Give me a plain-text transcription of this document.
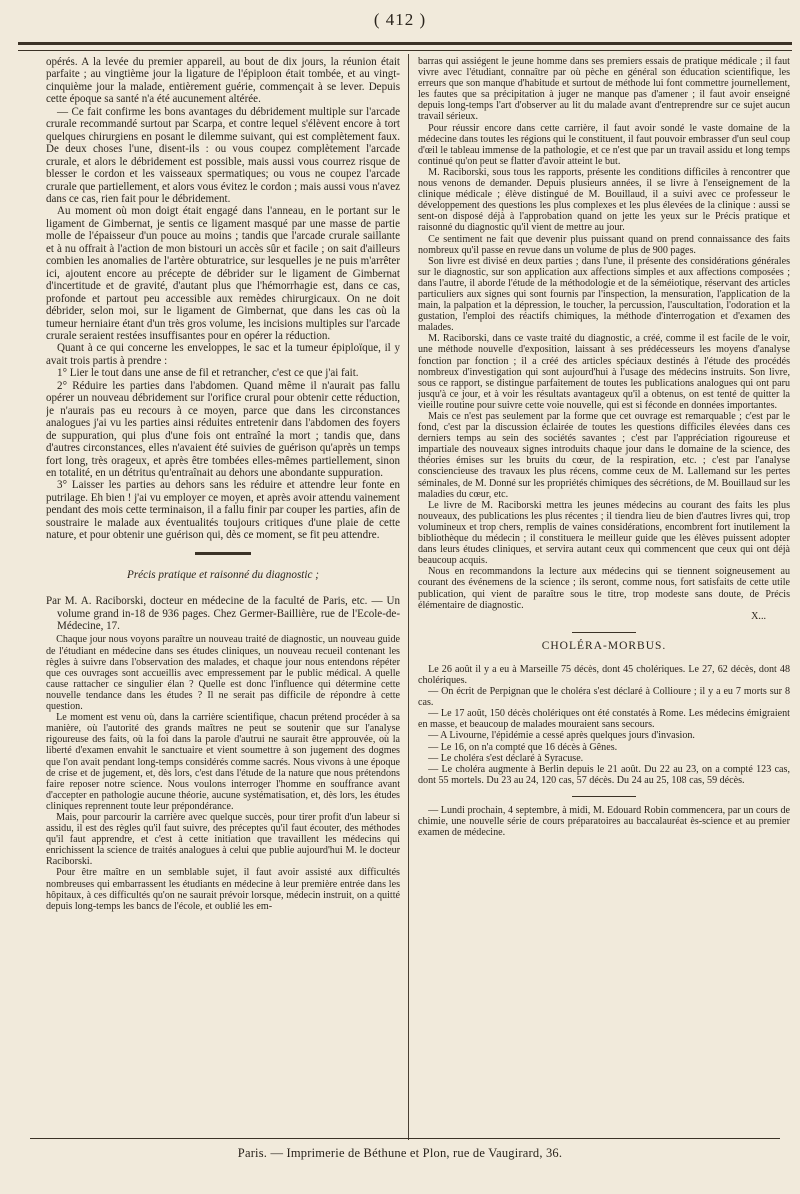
( 412 )

opérés. A la levée du premier appareil, au bout de dix jours, la réunion était parfaite ; au vingtième jour la ligature de l'épiploon était tombée, et au vingt-cinquième jour la malade, entièrement guérie, commençait à se lever. Depuis cette époque sa santé n'a été aucunement altérée.

— Ce fait confirme les bons avantages du débridement multiple sur l'arcade crurale recommandé surtout par Scarpa, et contre lequel s'élèvent encore à tort quelques chirurgiens en posant le dilemme suivant, qui est complètement faux. De deux choses l'une, disent-ils : ou vous coupez complètement l'arcade crurale, et alors le débridement est possible, mais aussi vous courrez risque de blesser le cordon et les vaisseaux spermatiques; ou vous ne coupez l'arcade crurale que partiellement, et alors vous évitez le cordon ; mais aussi vous n'avez dans ce cas, rien fait pour le débridement.

Au moment où mon doigt était engagé dans l'anneau, en le portant sur le ligament de Gimbernat, je sentis ce ligament masqué par une masse de partie molle de l'épaisseur d'un pouce au moins ; tandis que l'arcade crurale saillante et à nu offrait à l'action de mon bistouri un accès sûr et facile ; on sait d'ailleurs combien les anomalies de l'artère obturatrice, sur lesquelles je ne puis m'arrêter ici, ajoutent encore au précepte de débrider sur le ligament de Gimbernat d'incertitude et de gravité, d'autant plus que l'hémorrhagie est, dans ce cas, profonde et partout peu accessible aux remèdes chirurgicaux. On ne doit débrider, selon moi, sur le ligament de Gimbernat, que dans les cas où la tumeur herniaire étant d'un très gros volume, les incisions multiples sur l'arcade crurale seraient restées insuffisantes pour en opérer la réduction.

Quant à ce qui concerne les enveloppes, le sac et la tumeur épiploïque, il y avait trois partis à prendre :

1° Lier le tout dans une anse de fil et retrancher, c'est ce que j'ai fait.

2° Réduire les parties dans l'abdomen. Quand même il n'aurait pas fallu opérer un nouveau débridement sur l'orifice crural pour obtenir cette réduction, je n'aurais pas eu recours à ce moyen, parce que dans les circonstances analogues j'ai vu les parties ainsi réduites entretenir dans l'abdomen des foyers de suppuration, qui plus d'une fois ont entraîné la mort ; tandis que, dans d'autres circonstances, elles n'avaient été suivies de guérison qu'après un temps fort long, très orageux, et après être tombées elles-mêmes partiellement, sinon en totalité, en un détritus qu'entraînait au dehors une abondante suppuration.

3° Laisser les parties au dehors sans les réduire et attendre leur fonte en putrilage. Eh bien ! j'ai vu employer ce moyen, et après avoir attendu vainement pendant des mois cette terminaison, il a fallu finir par couper les parties, afin de soustraire le malade aux éventualités toujours critiques d'une plaie de cette nature, et pour obtenir une guérison qui, dès ce moment, se fit peu attendre.

Précis pratique et raisonné du diagnostic ;

Par M. A. Raciborski, docteur en médecine de la faculté de Paris, etc. — Un volume grand in-18 de 936 pages. Chez Germer-Baillière, rue de l'Ecole-de-Médecine, 17.

Chaque jour nous voyons paraître un nouveau traité de diagnostic, un nouveau guide de l'étudiant en médecine dans ses études cliniques, un nouveau recueil contenant les règles à suivre dans l'observation des malades, et chaque jour nous entendons répéter que ces ouvrages sont accueillis avec empressement par le public médical. A quelle cause rattacher ce singulier élan ? Quelle est donc l'influence qui détermine cette nouvelle tendance dans les études ? Il ne serait pas difficile de répondre à cette question.

Le moment est venu où, dans la carrière scientifique, chacun prétend procéder à sa manière, où l'autorité des grands maîtres ne peut se soutenir que sur l'analyse rigoureuse des faits, où la foi dans la parole d'autrui ne saurait être approuvée, où la liberté d'examen envahit le sanctuaire et vient soumettre à son jugement des dogmes que l'on avait pendant long-temps considérés comme sacrés. Nous vivons à une époque de crise et de jugement, et, dès lors, c'est dans l'étude de la nature que nous prétendons faire reposer notre science. Nous voulons interroger l'homme en souffrance avant d'accepter en pathologie aucune théorie, aucune systématisation, et, dès lors, les études cliniques reprennent toute leur prépondérance.

Mais, pour parcourir la carrière avec quelque succès, pour tirer profit d'un labeur si assidu, il est des règles qu'il faut suivre, des préceptes qu'il faut écouter, des méthodes qu'il faut apprendre, et c'est à cette initiation que travaillent les médecins qui enrichissent la science de traités analogues à celui que publie aujourd'hui M. le docteur Raciborski.

Pour être maître en un semblable sujet, il faut avoir assisté aux difficultés nombreuses qui embarrassent les étudiants en médecine à leur première entrée dans les hôpitaux, à ces difficultés qu'on ne saurait prévoir lorsque, médecin instruit, on a quitté depuis long-temps les bancs de l'école, et oublié les em-

barras qui assiégent le jeune homme dans ses premiers essais de pratique médicale ; il faut vivre avec l'étudiant, connaître par où pèche en général son éducation scientifique, les erreurs que son manque d'habitude et surtout de méthode lui font commettre journellement, les fautes que sa précipitation à juger ne manque pas d'amener ; il faut avoir enseigné depuis long-temps l'art d'observer au lit du malade avant d'entreprendre sur ce sujet aucun travail sérieux.

Pour réussir encore dans cette carrière, il faut avoir sondé le vaste domaine de la médecine dans toutes les régions qui le constituent, il faut pouvoir embrasser d'un seul coup d'œil le tableau immense de la pathologie, et ce n'est que par un travail assidu et long temps continué qu'on peut se flatter d'avoir atteint le but.

M. Raciborski, sous tous les rapports, présente les conditions difficiles à rencontrer que nous venons de demander. Depuis plusieurs années, il se livre à l'enseignement de la clinique médicale ; élève distingué de M. Bouillaud, il a suivi avec ce professeur le développement des questions les plus complexes et les plus élevées de la clinique : aussi se sent-on disposé déjà à l'approbation quand on jette les yeux sur le Précis pratique et raisonné du diagnostic qu'il vient de mettre au jour.

Ce sentiment ne fait que devenir plus puissant quand on prend connaissance des faits nombreux qu'il passe en revue dans un volume de plus de 900 pages.

Son livre est divisé en deux parties ; dans l'une, il présente des considérations générales sur le diagnostic, sur son application aux affections simples et aux affections composées ; dans l'autre, il aborde l'étude de la méthodologie et de la séméiotique, réservant des articles particuliers aux signes qui sont fournis par l'inspection, la mensuration, l'application de la main, la palpation et la dépression, le toucher, la percussion, l'auscultation, l'odoration et la gustation, l'emploi des réactifs chimiques, la méthode d'interrogation et d'examen des malades.

M. Raciborski, dans ce vaste traité du diagnostic, a créé, comme il est facile de le voir, une méthode nouvelle d'exposition, laissant à ses prédécesseurs les moyens d'analyse fonction par fonction ; il a créé des articles spéciaux destinés à l'étude des procédés nombreux d'investigation qui sont aujourd'hui à l'usage des médecins instruits. Son livre, sous ce rapport, se distingue parfaitement de toutes les publications analogues qui ont paru jusqu'à ce jour, et à voir les résultats avantageux qu'il a obtenus, on est tenté de quitter la vieille routine pour suivre cette voie nouvelle, qui est si féconde en données importantes.

Mais ce n'est pas seulement par la forme que cet ouvrage est remarquable ; c'est par le fond, c'est par la discussion éclairée de toutes les questions difficiles élevées dans ces derniers temps au sein des sociétés savantes ; c'est par l'appréciation rigoureuse et impartiale des nouveaux signes introduits chaque jour dans le domaine de la science, des théories émises sur les bruits du cœur, de la respiration, etc. ; c'est par l'analyse consciencieuse des travaux les plus récens, comme ceux de M. Lallemand sur les pertes séminales, de M. Donné sur les propriétés chimiques des sécrétions, de M. Bouillaud sur les maladies du cœur, etc.

Le livre de M. Raciborski mettra les jeunes médecins au courant des faits les plus nouveaux, des publications les plus récentes ; il tiendra lieu de bien d'autres livres qui, trop volumineux et trop chers, remplis de vaines considérations, encombrent fort inutilement la bibliothèque du médecin ; il constituera le meilleur guide que les élèves puissent adopter dans leurs études cliniques, et servira autant ceux qui commencent que ceux qui ont déjà beaucoup acquis.

Nous en recommandons la lecture aux médecins qui se tiennent soigneusement au courant des événemens de la science ; ils seront, comme nous, fort satisfaits de cette utile publication, qui vient de paraître sous le titre, trop modeste sans doute, de Précis élémentaire de diagnostic.

X...

CHOLÉRA-MORBUS.

Le 26 août il y a eu à Marseille 75 décès, dont 45 cholériques. Le 27, 62 décès, dont 48 cholériques.

— On écrit de Perpignan que le choléra s'est déclaré à Collioure ; il y a eu 7 morts sur 8 cas.

— Le 17 août, 150 décès cholériques ont été constatés à Rome. Les médecins émigraient en masse, et beaucoup de malades mouraient sans secours.

— A Livourne, l'épidémie a cessé après quelques jours d'invasion.

— Le 16, on n'a compté que 16 décès à Gênes.

— Le choléra s'est déclaré à Syracuse.

— Le choléra augmente à Berlin depuis le 21 août. Du 22 au 23, on a compté 123 cas, dont 55 mortels. Du 23 au 24, 120 cas, 57 décès. Du 24 au 25, 108 cas, 59 décès.

— Lundi prochain, 4 septembre, à midi, M. Edouard Robin commencera, par un cours de chimie, une nouvelle série de cours préparatoires au baccalauréat ès-science et au premier examen de médecine.

Paris. — Imprimerie de Béthune et Plon, rue de Vaugirard, 36.
